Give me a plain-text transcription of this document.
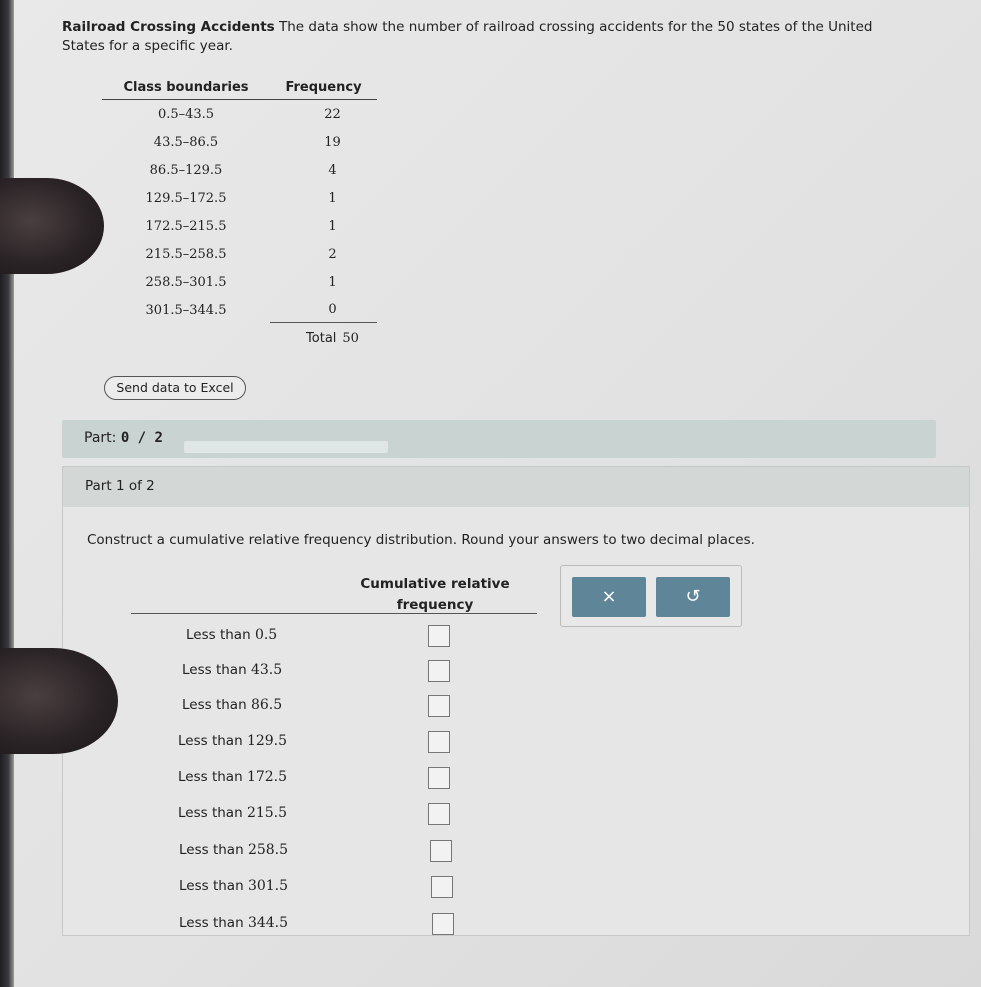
Railroad Crossing Accidents The data show the number of railroad crossing accidents for the 50 states of the United
States for a specific year.
Class boundaries	Frequency
0.5–43.5	22
43.5–86.5	19
86.5–129.5	4
129.5–172.5	1
172.5–215.5	1
215.5–258.5	2
258.5–301.5	1
301.5–344.5	0
Total 50
Send data to Excel
Part: 0 / 2
Part 1 of 2
Construct a cumulative relative frequency distribution. Round your answers to two decimal places.
Cumulative relative
frequency
Less than 0.5
Less than 43.5
Less than 86.5
Less than 129.5
Less than 172.5
Less than 215.5
Less than 258.5
Less than 301.5
Less than 344.5
×	↺
